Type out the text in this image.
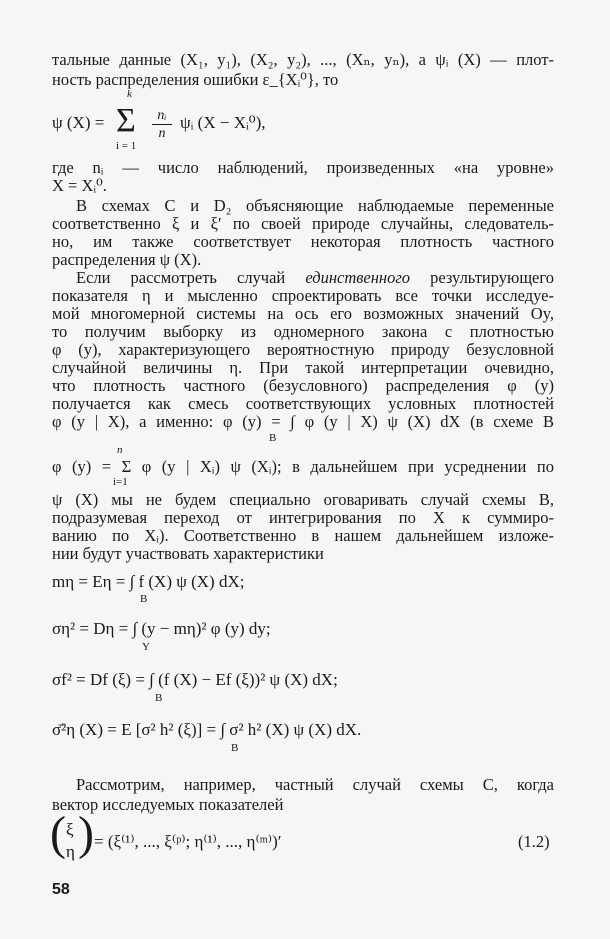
тальные данные (X₁, y₁), (X₂, y₂), ..., (Xₙ, yₙ), а ψᵢ (X) — плот-
ность распределения ошибки ε_{Xᵢ⁰}, то
ψ (X) = Σ
k
i = 1
nᵢ
n
ψᵢ (X − Xᵢ⁰),
где nᵢ — число наблюдений, произведенных «на уровне»
X = Xᵢ⁰.
В схемах C и D₂ объясняющие наблюдаемые переменные
соответственно ξ и ξ′ по своей природе случайны, следователь-
но, им также соответствует некоторая плотность частного
распределения ψ (X).
Если рассмотреть случай единственного результирующего
показателя η и мысленно спроектировать все точки исследуе-
мой многомерной системы на ось его возможных значений Oy,
то получим выборку из одномерного закона с плотностью
φ (y), характеризующего вероятностную природу безусловной
случайной величины η. При такой интерпретации очевидно,
что плотность частного (безусловного) распределения φ (y)
получается как смесь соответствующих условных плотностей
φ (y | X), а именно: φ (y) = ∫ φ (y | X) ψ (X) dX (в схеме B
B
n
φ (y) = Σ φ (y | Xᵢ) ψ (Xᵢ); в дальнейшем при усреднении по
i=1
ψ (X) мы не будем специально оговаривать случай схемы B,
подразумевая переход от интегрирования по X к суммиро-
ванию по Xᵢ). Соответственно в нашем дальнейшем изложе-
нии будут участвовать характеристики
mη = Eη = ∫ f (X) ψ (X) dX;
B
ση² = Dη = ∫ (y − mη)² φ (y) dy;
Y
σf² = Df (ξ) = ∫ (f (X) − Ef (ξ))² ψ (X) dX;
B
σ̄²η (X) = E [σ² h² (ξ)] = ∫ σ² h² (X) ψ (X) dX.
B
Рассмотрим, например, частный случай схемы C, когда
вектор исследуемых показателей
( ξ
η ) = (ξ⁽¹⁾, ..., ξ⁽ᵖ⁾; η⁽¹⁾, ..., η⁽ᵐ⁾)′	(1.2)
58
